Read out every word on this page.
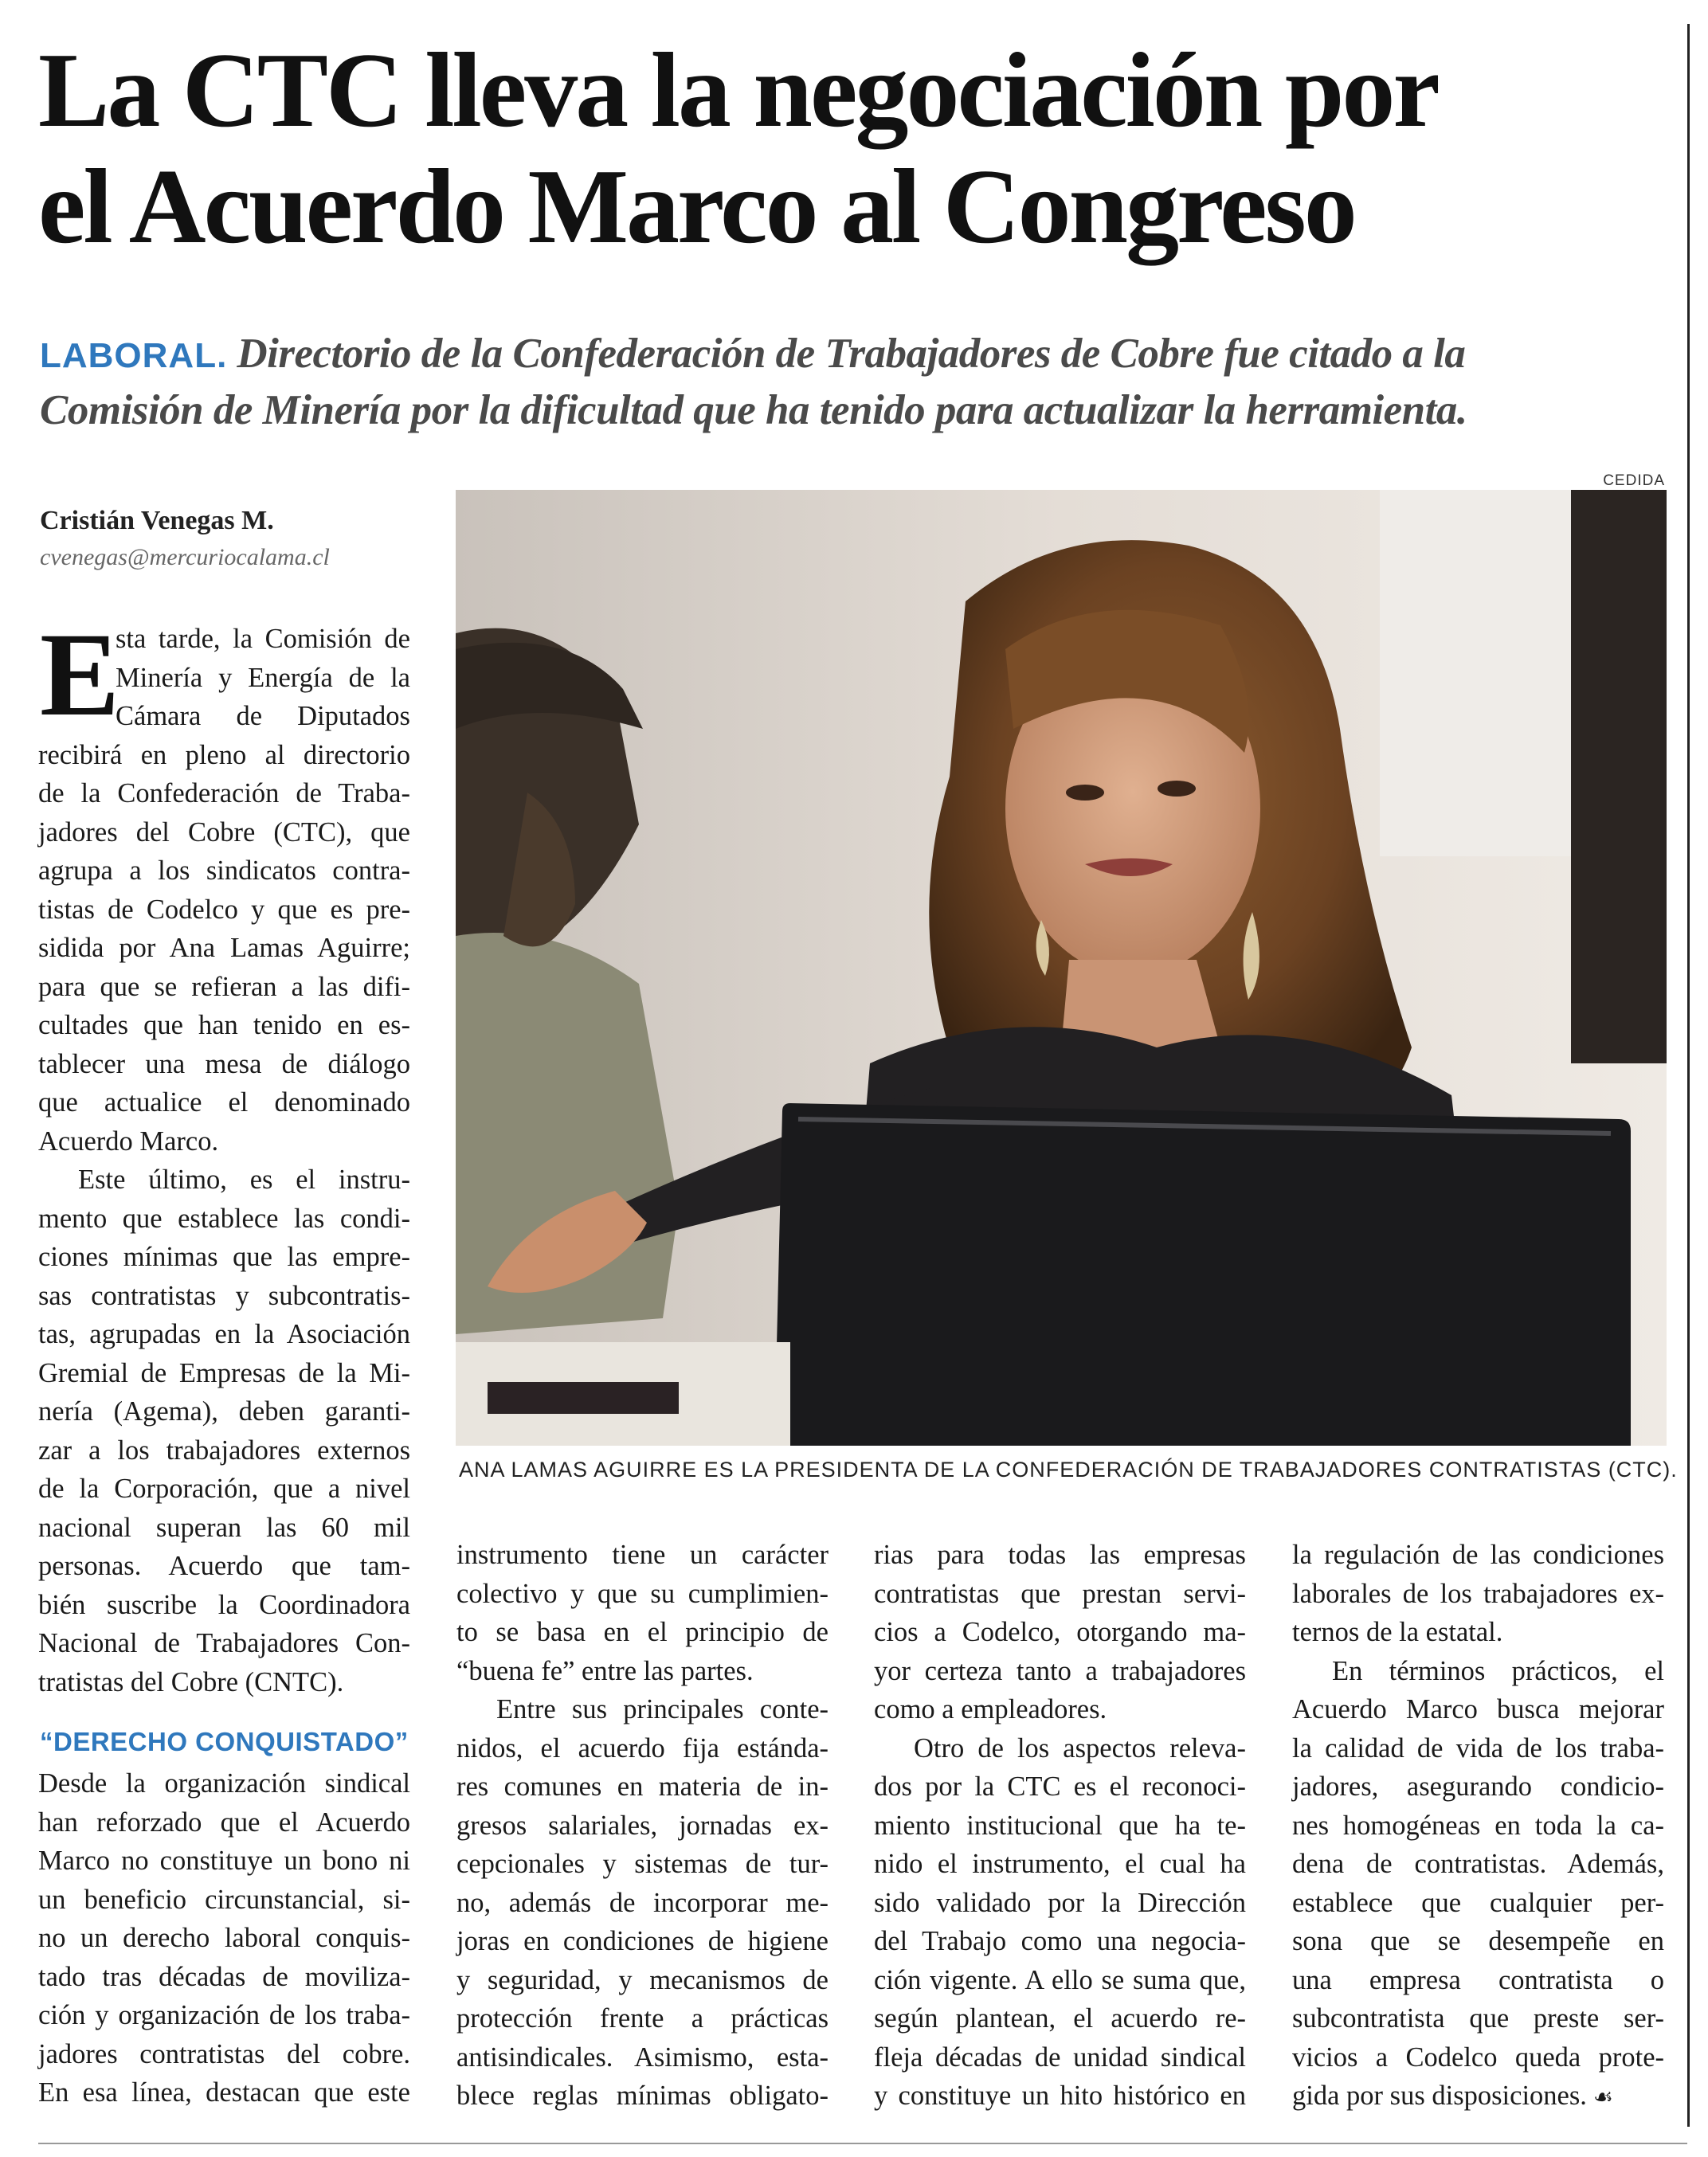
La CTC lleva la negociación por
el Acuerdo Marco al Congreso
LABORAL. Directorio de la Confederación de Trabajadores de Cobre fue citado a la
Comisión de Minería por la dificultad que ha tenido para actualizar la herramienta.
CEDIDA
ANA LAMAS AGUIRRE ES LA PRESIDENTA DE LA CONFEDERACIÓN DE TRABAJADORES CONTRATISTAS (CTC).
Cristián Venegas M.
cvenegas@mercuriocalama.cl
E
sta tarde, la Comisión de
Minería y Energía de la
Cámara de Diputados
recibirá en pleno al directorio
de la Confederación de Traba-
jadores del Cobre (CTC), que
agrupa a los sindicatos contra-
tistas de Codelco y que es pre-
sidida por Ana Lamas Aguirre;
para que se refieran a las difi-
cultades que han tenido en es-
tablecer una mesa de diálogo
que actualice el denominado
Acuerdo Marco.
Este último, es el instru-
mento que establece las condi-
ciones mínimas que las empre-
sas contratistas y subcontratis-
tas, agrupadas en la Asociación
Gremial de Empresas de la Mi-
nería (Agema), deben garanti-
zar a los trabajadores externos
de la Corporación, que a nivel
nacional superan las 60 mil
personas. Acuerdo que tam-
bién suscribe la Coordinadora
Nacional de Trabajadores Con-
tratistas del Cobre (CNTC).
“DERECHO CONQUISTADO”
Desde la organización sindical
han reforzado que el Acuerdo
Marco no constituye un bono ni
un beneficio circunstancial, si-
no un derecho laboral conquis-
tado tras décadas de moviliza-
ción y organización de los traba-
jadores contratistas del cobre.
En esa línea, destacan que este
instrumento tiene un carácter
colectivo y que su cumplimien-
to se basa en el principio de
“buena fe” entre las partes.
Entre sus principales conte-
nidos, el acuerdo fija estánda-
res comunes en materia de in-
gresos salariales, jornadas ex-
cepcionales y sistemas de tur-
no, además de incorporar me-
joras en condiciones de higiene
y seguridad, y mecanismos de
protección frente a prácticas
antisindicales. Asimismo, esta-
blece reglas mínimas obligato-
rias para todas las empresas
contratistas que prestan servi-
cios a Codelco, otorgando ma-
yor certeza tanto a trabajadores
como a empleadores.
Otro de los aspectos releva-
dos por la CTC es el reconoci-
miento institucional que ha te-
nido el instrumento, el cual ha
sido validado por la Dirección
del Trabajo como una negocia-
ción vigente. A ello se suma que,
según plantean, el acuerdo re-
fleja décadas de unidad sindical
y constituye un hito histórico en
la regulación de las condiciones
laborales de los trabajadores ex-
ternos de la estatal.
En términos prácticos, el
Acuerdo Marco busca mejorar
la calidad de vida de los traba-
jadores, asegurando condicio-
nes homogéneas en toda la ca-
dena de contratistas. Además,
establece que cualquier per-
sona que se desempeñe en
una empresa contratista o
subcontratista que preste ser-
vicios a Codelco queda prote-
gida por sus disposiciones. ☙
